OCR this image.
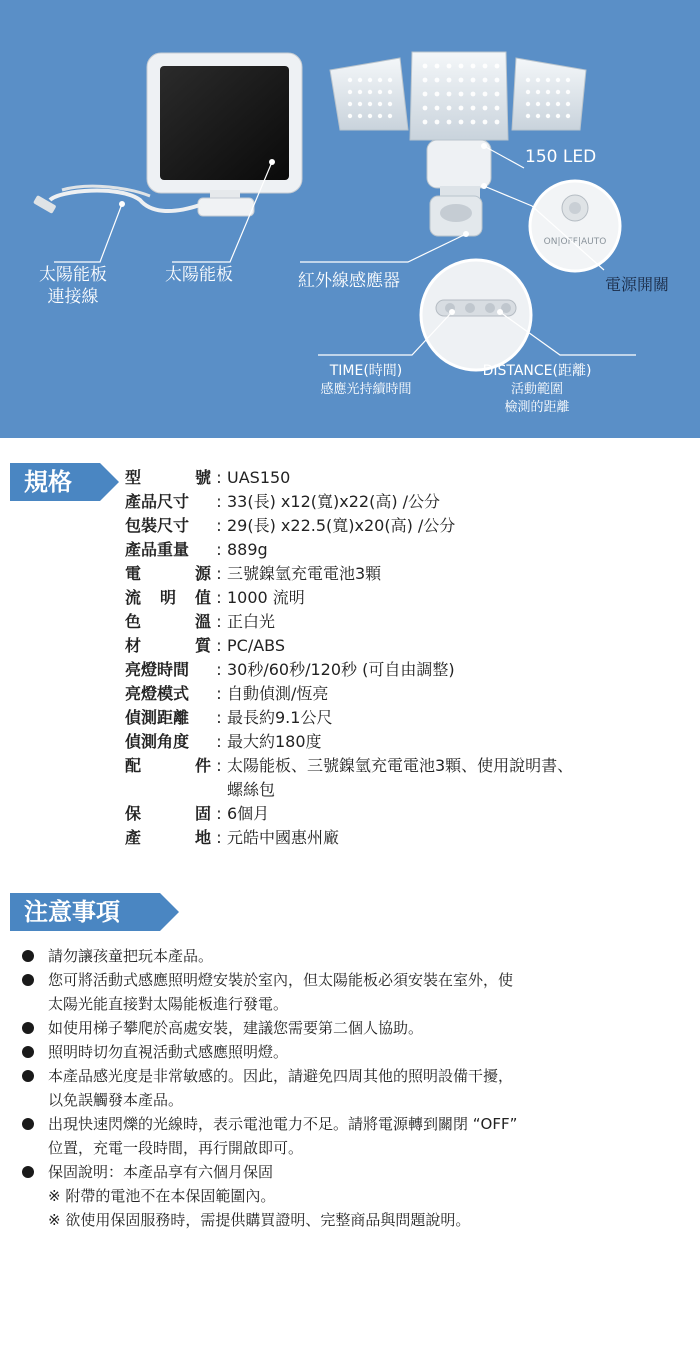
ON|OFF|AUTO
太陽能板
連接線
太陽能板	紅外線感應器
150 LED
電源開關
TIME(時間)
感應光持續時間
DISTANCE(距離)
活動範圍
檢測的距離
規格	型	號 : UAS150
產品尺寸	: 33(長) x12(寬)x22(高) /公分
包裝尺寸	: 29(長) x22.5(寬)x20(高) /公分
產品重量	: 889g
電	源 : 三號鎳氫充電電池3顆
流 明 值 : 1000 流明
色	溫 : 正白光
材	質 : PC/ABS
亮燈時間	: 30秒/60秒/120秒 (可自由調整)
亮燈模式	: 自動偵測/恆亮
偵測距離	: 最長約9.1公尺
偵測角度	: 最大約180度
配	件 : 太陽能板、三號鎳氫充電電池3顆、使用說明書、
螺絲包
保	固 : 6個月
產	地 : 元皓中國惠州廠
注意事項
請勿讓孩童把玩本產品。
您可將活動式感應照明燈安裝於室內，但太陽能板必須安裝在室外，使
太陽光能直接對太陽能板進行發電。
如使用梯子攀爬於高處安裝，建議您需要第二個人協助。
照明時切勿直視活動式感應照明燈。
本產品感光度是非常敏感的。因此，請避免四周其他的照明設備干擾，
以免誤觸發本產品。
出現快速閃爍的光線時，表示電池電力不足。請將電源轉到關閉 “OFF”
位置，充電一段時間，再行開啟即可。
保固說明：本產品享有六個月保固
※ 附帶的電池不在本保固範圍內。
※ 欲使用保固服務時，需提供購買證明、完整商品與問題說明。
